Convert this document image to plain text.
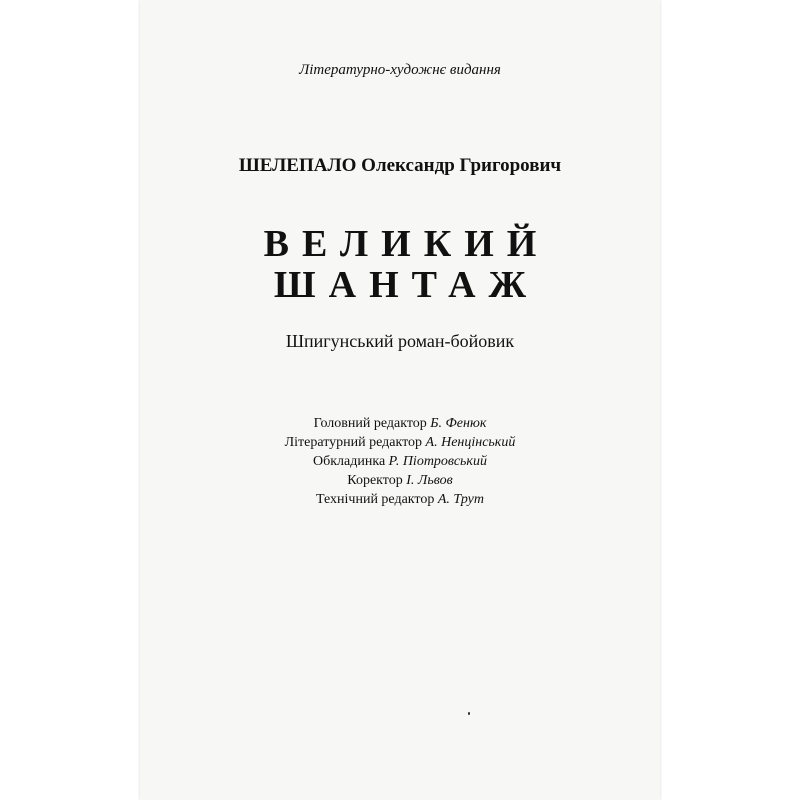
Літературно-художнє видання
ШЕЛЕПАЛО Олександр Григорович
ВЕЛИКИЙ
ШАНТАЖ
Шпигунський роман-бойовик
Головний редактор Б. Фенюк
Літературний редактор А. Ненцінський
Обкладинка Р. Піотровський
Коректор І. Львов
Технічний редактор А. Трут
